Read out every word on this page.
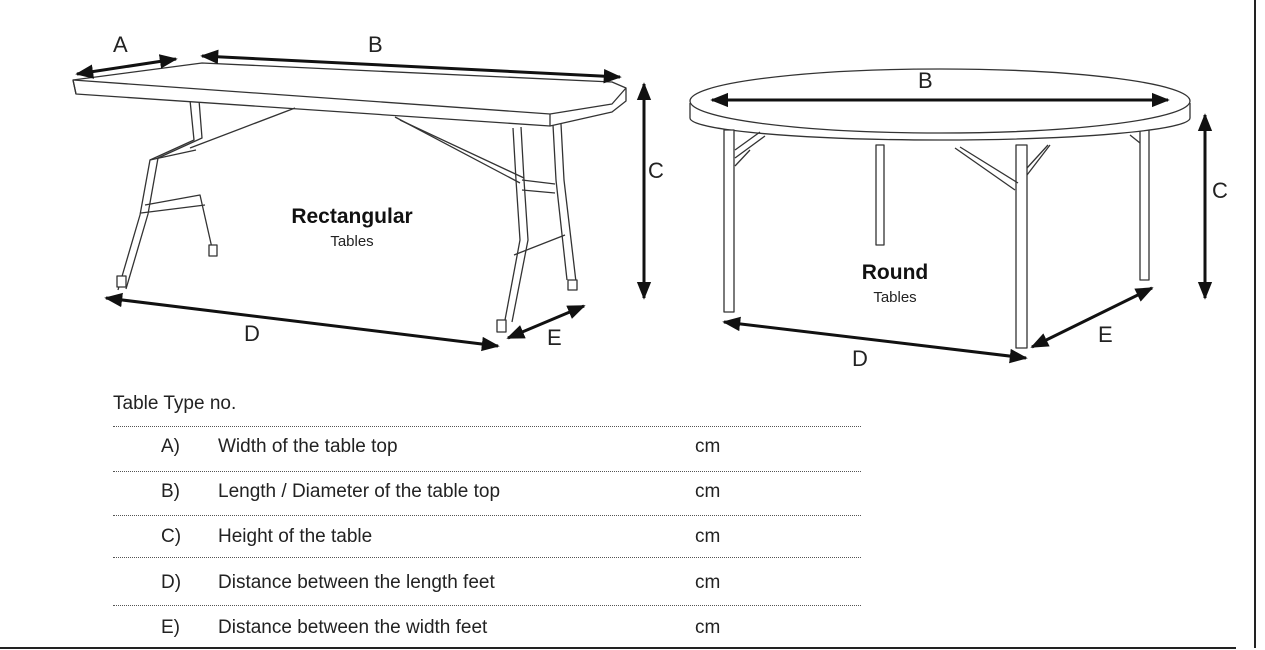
A	B
C
D	E
Rectangular
Tables
B
C
D
E
Round
Tables
Table Type no.
A) Width of the table top	cm
B) Length / Diameter of the table top	cm
C) Height of the table	cm
D) Distance between the length feet	cm
E) Distance between the width feet	cm
